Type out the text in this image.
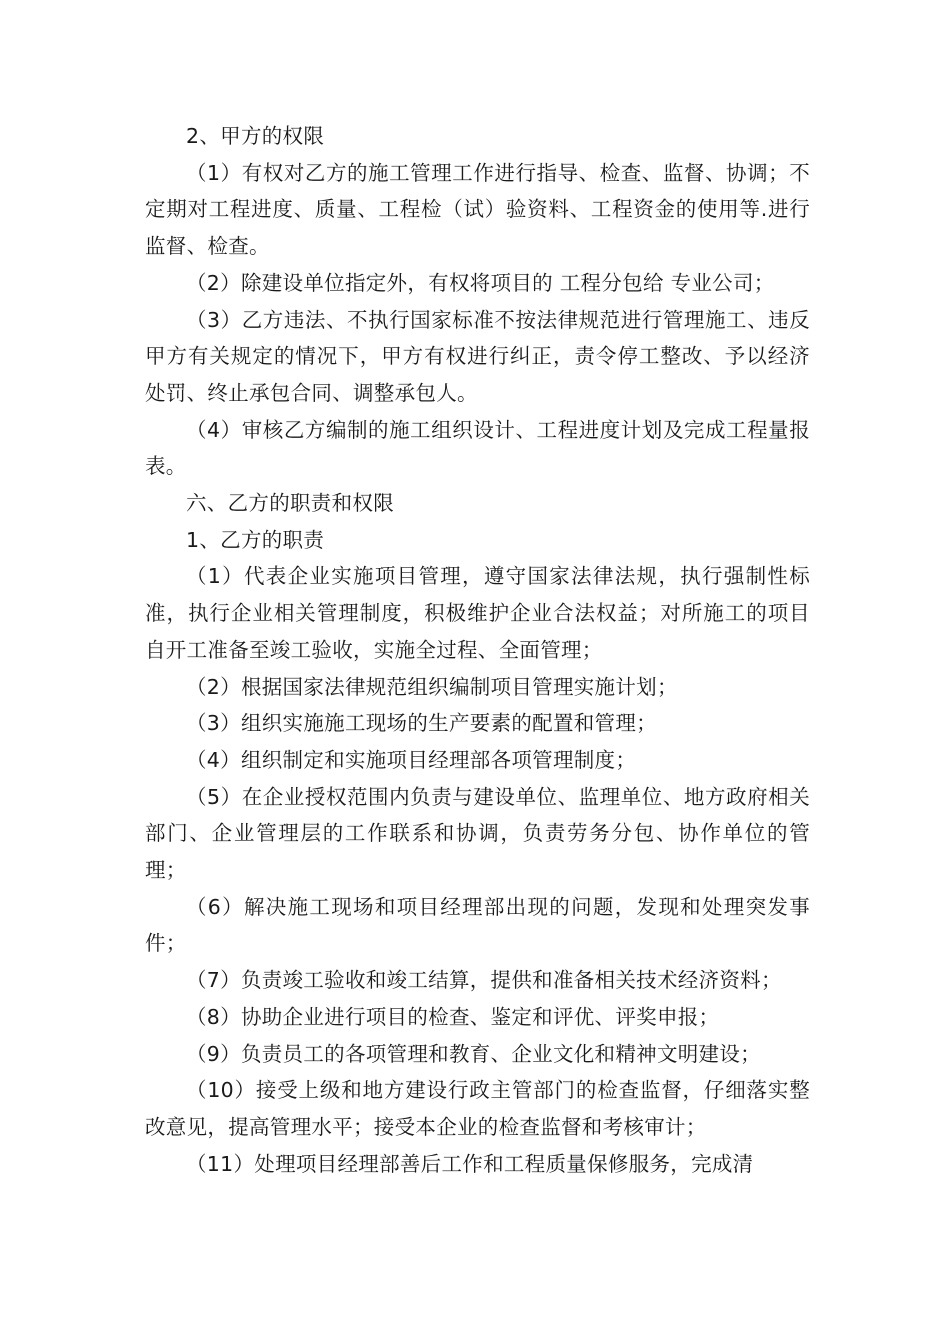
2、甲方的权限

（1）有权对乙方的施工管理工作进行指导、检查、监督、协调；不定期对工程进度、质量、工程检（试）验资料、工程资金的使用等.进行监督、检查。

（2）除建设单位指定外，有权将项目的 工程分包给 专业公司；

（3）乙方违法、不执行国家标准不按法律规范进行管理施工、违反甲方有关规定的情况下，甲方有权进行纠正，责令停工整改、予以经济处罚、终止承包合同、调整承包人。

（4）审核乙方编制的施工组织设计、工程进度计划及完成工程量报表。

六、乙方的职责和权限

1、乙方的职责

（1）代表企业实施项目管理，遵守国家法律法规，执行强制性标准，执行企业相关管理制度，积极维护企业合法权益；对所施工的项目自开工准备至竣工验收，实施全过程、全面管理；

（2）根据国家法律规范组织编制项目管理实施计划；

（3）组织实施施工现场的生产要素的配置和管理；

（4）组织制定和实施项目经理部各项管理制度；

（5）在企业授权范围内负责与建设单位、监理单位、地方政府相关部门、企业管理层的工作联系和协调，负责劳务分包、协作单位的管理；

（6）解决施工现场和项目经理部出现的问题，发现和处理突发事件；

（7）负责竣工验收和竣工结算，提供和准备相关技术经济资料；

（8）协助企业进行项目的检查、鉴定和评优、评奖申报；

（9）负责员工的各项管理和教育、企业文化和精神文明建设；

（10）接受上级和地方建设行政主管部门的检查监督，仔细落实整改意见，提高管理水平；接受本企业的检查监督和考核审计；

（11）处理项目经理部善后工作和工程质量保修服务，完成清
